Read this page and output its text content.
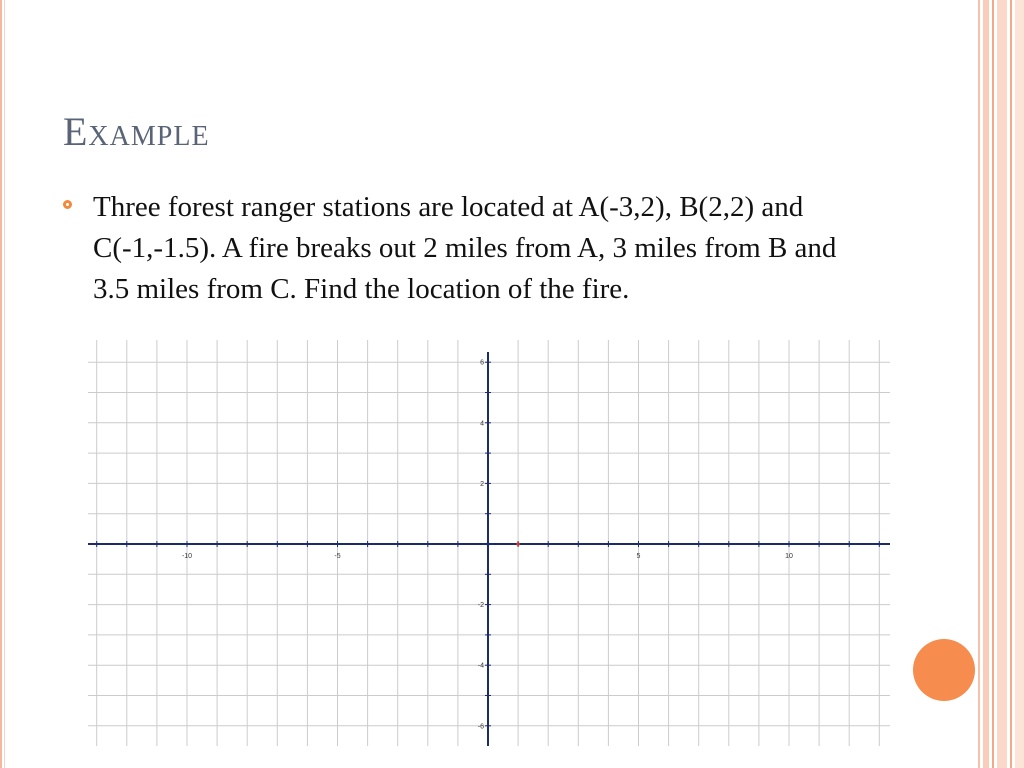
Example
-10	-5	5	10
-6
-4
-2
2
4
6
Three forest ranger stations are located at A(-3,2), B(2,2) and C(-1,-1.5). A fire breaks out 2 miles from A, 3 miles from B and 3.5 miles from C. Find the location of the fire.
